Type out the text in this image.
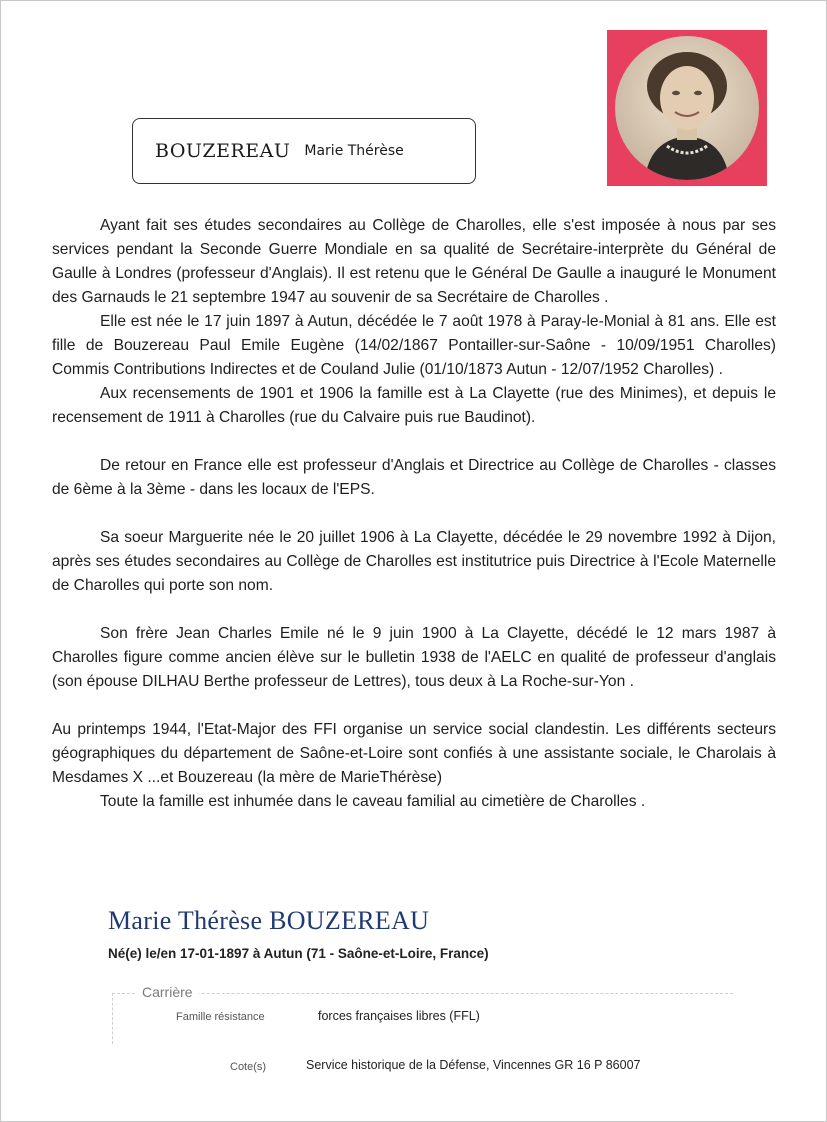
BOUZEREAU Marie Thérèse

Ayant fait ses études secondaires au Collège de Charolles, elle s'est imposée à nous par ses services pendant la Seconde Guerre Mondiale en sa qualité de Secrétaire-interprète du Général de Gaulle à Londres (professeur d'Anglais). Il est retenu que le Général De Gaulle a inauguré le Monument des Garnauds le 21 septembre 1947 au souvenir de sa Secrétaire de Charolles .

Elle est née le 17 juin 1897 à Autun, décédée le 7 août 1978 à Paray-le-Monial à 81 ans. Elle est fille de Bouzereau Paul Emile Eugène (14/02/1867 Pontailler-sur-Saône - 10/09/1951 Charolles) Commis Contributions Indirectes et de Couland Julie (01/10/1873 Autun - 12/07/1952 Charolles) .

Aux recensements de 1901 et 1906 la famille est à La Clayette (rue des Minimes), et depuis le recensement de 1911 à Charolles (rue du Calvaire puis rue Baudinot).

De retour en France elle est professeur d'Anglais et Directrice au Collège de Charolles - classes de 6ème à la 3ème - dans les locaux de l'EPS.

Sa soeur Marguerite née le 20 juillet 1906 à La Clayette, décédée le 29 novembre 1992 à Dijon, après ses études secondaires au Collège de Charolles est institutrice puis Directrice à l'Ecole Maternelle de Charolles qui porte son nom.

Son frère Jean Charles Emile né le 9 juin 1900 à La Clayette, décédé le 12 mars 1987 à Charolles figure comme ancien élève sur le bulletin 1938 de l'AELC en qualité de professeur d'anglais (son épouse DILHAU Berthe professeur de Lettres), tous deux à La Roche-sur-Yon .

Au printemps 1944, l'Etat-Major des FFI organise un service social clandestin. Les différents secteurs géographiques du département de Saône-et-Loire sont confiés à une assistante sociale, le Charolais à Mesdames X ...et Bouzereau (la mère de MarieThérèse)

Toute la famille est inhumée dans le caveau familial au cimetière de Charolles .

Marie Thérèse BOUZEREAU
Né(e) le/en 17-01-1897 à Autun (71 - Saône-et-Loire, France)
Carrière
Famille résistance	forces françaises libres (FFL)
Cote(s)	Service historique de la Défense, Vincennes GR 16 P 86007
